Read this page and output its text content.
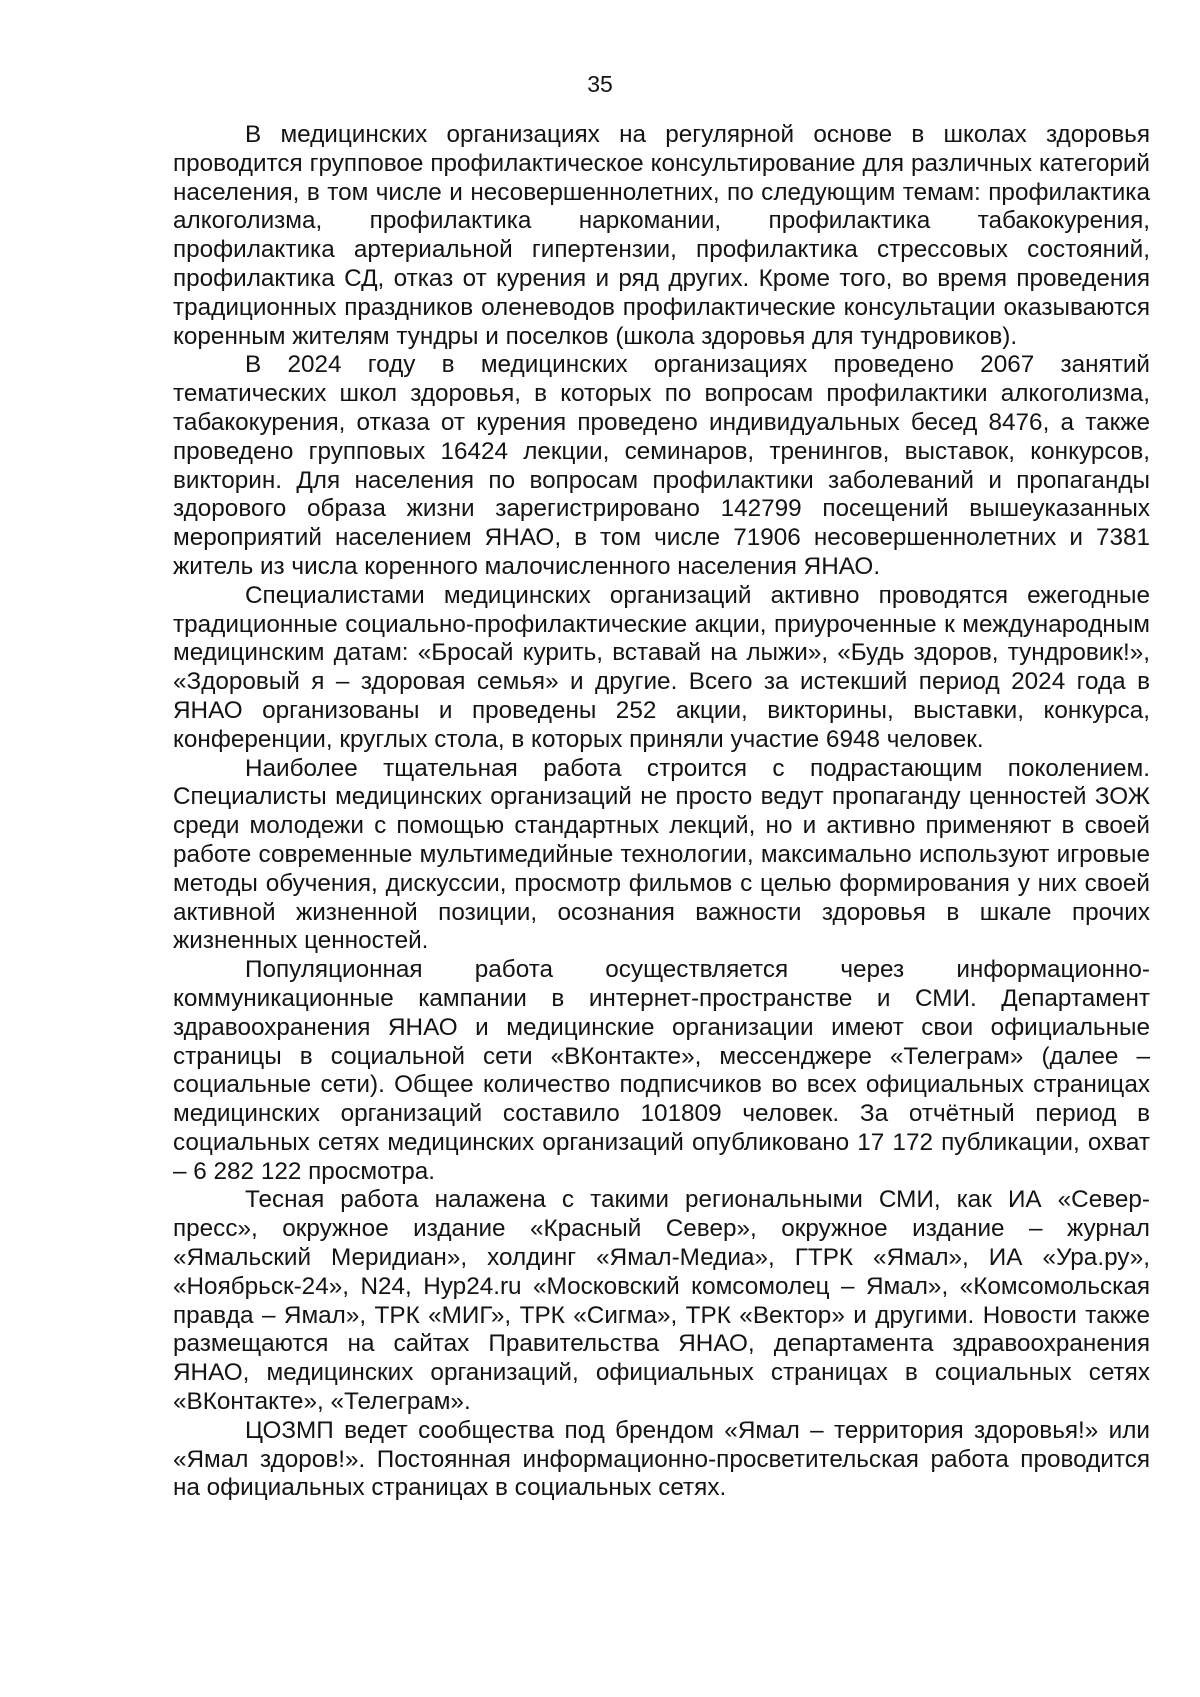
35

В медицинских организациях на регулярной основе в школах здоровья проводится групповое профилактическое консультирование для различных категорий населения, в том числе и несовершеннолетних, по следующим темам: профилактика алкоголизма, профилактика наркомании, профилактика табакокурения, профилактика артериальной гипертензии, профилактика стрессовых состояний, профилактика СД, отказ от курения и ряд других. Кроме того, во время проведения традиционных праздников оленеводов профилактические консультации оказываются коренным жителям тундры и поселков (школа здоровья для тундровиков).

В 2024 году в медицинских организациях проведено 2067 занятий тематических школ здоровья, в которых по вопросам профилактики алкоголизма, табакокурения, отказа от курения проведено индивидуальных бесед 8476, а также проведено групповых 16424 лекции, семинаров, тренингов, выставок, конкурсов, викторин. Для населения по вопросам профилактики заболеваний и пропаганды здорового образа жизни зарегистрировано 142799 посещений вышеуказанных мероприятий населением ЯНАО, в том числе 71906 несовершеннолетних и 7381 житель из числа коренного малочисленного населения ЯНАО.

Специалистами медицинских организаций активно проводятся ежегодные традиционные социально-профилактические акции, приуроченные к международным медицинским датам: «Бросай курить, вставай на лыжи», «Будь здоров, тундровик!», «Здоровый я – здоровая семья» и другие. Всего за истекший период 2024 года в ЯНАО организованы и проведены 252 акции, викторины, выставки, конкурса, конференции, круглых стола, в которых приняли участие 6948 человек.

Наиболее тщательная работа строится с подрастающим поколением. Специалисты медицинских организаций не просто ведут пропаганду ценностей ЗОЖ среди молодежи с помощью стандартных лекций, но и активно применяют в своей работе современные мультимедийные технологии, максимально используют игровые методы обучения, дискуссии, просмотр фильмов с целью формирования у них своей активной жизненной позиции, осознания важности здоровья в шкале прочих жизненных ценностей.

Популяционная работа осуществляется через информационно-коммуникационные кампании в интернет-пространстве и СМИ. Департамент здравоохранения ЯНАО и медицинские организации имеют свои официальные страницы в социальной сети «ВКонтакте», мессенджере «Телеграм» (далее – социальные сети). Общее количество подписчиков во всех официальных страницах медицинских организаций составило 101809 человек. За отчётный период в социальных сетях медицинских организаций опубликовано 17 172 публикации, охват – 6 282 122 просмотра.

Тесная работа налажена с такими региональными СМИ, как ИА «Север-пресс», окружное издание «Красный Север», окружное издание – журнал «Ямальский Меридиан», холдинг «Ямал-Медиа», ГТРК «Ямал», ИА «Ура.ру», «Ноябрьск-24», N24, Нур24.ru «Московский комсомолец – Ямал», «Комсомольская правда – Ямал», ТРК «МИГ», ТРК «Сигма», ТРК «Вектор» и другими. Новости также размещаются на сайтах Правительства ЯНАО, департамента здравоохранения ЯНАО, медицинских организаций, официальных страницах в социальных сетях «ВКонтакте», «Телеграм».

ЦОЗМП ведет сообщества под брендом «Ямал – территория здоровья!» или «Ямал здоров!». Постоянная информационно-просветительская работа проводится на официальных страницах в социальных сетях.
